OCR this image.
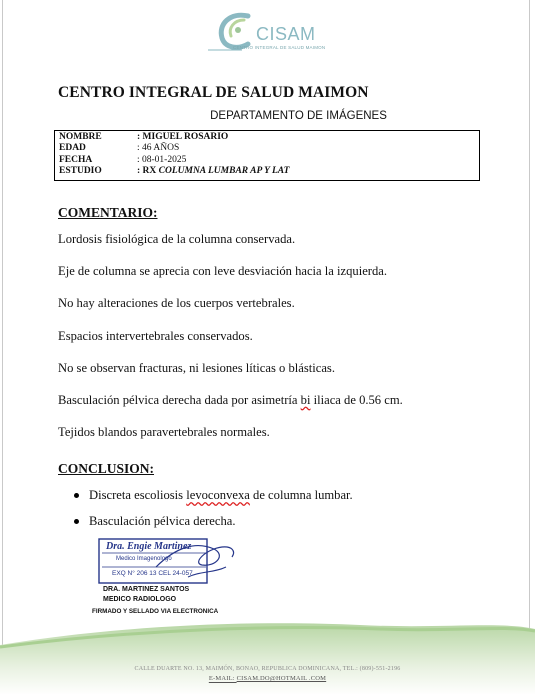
CISAM
CENTRO INTEGRAL DE SALUD MAIMON
CENTRO INTEGRAL DE SALUD MAIMON
DEPARTAMENTO DE IMÁGENES
NOMBRE	: MIGUEL ROSARIO
EDAD	: 46 AÑOS
FECHA	: 08-01-2025
ESTUDIO	: RX COLUMNA LUMBAR AP Y LAT
COMENTARIO:

Lordosis fisiológica de la columna conservada.

Eje de columna se aprecia con leve desviación hacia la izquierda.

No hay alteraciones de los cuerpos vertebrales.

Espacios intervertebrales conservados.

No se observan fracturas, ni lesiones líticas o blásticas.

Basculación pélvica derecha dada por asimetría bi iliaca de 0.56 cm.

Tejidos blandos paravertebrales normales.

CONCLUSION:
Discreta escoliosis levoconvexa de columna lumbar.
Basculación pélvica derecha.
Dra. Engie Martinez
Medico Imagenologo
EXQ N° 206 13 CEL 24-057
DRA. MARTINEZ SANTOS
MEDICO RADIOLOGO
FIRMADO Y SELLADO VIA ELECTRONICA
CALLE DUARTE NO. 13, MAIMÓN, BONAO, REPUBLICA DOMINICANA, TEL.: (809)-551-2196
E-MAIL: CISAM.DO@HOTMAIL .COM
